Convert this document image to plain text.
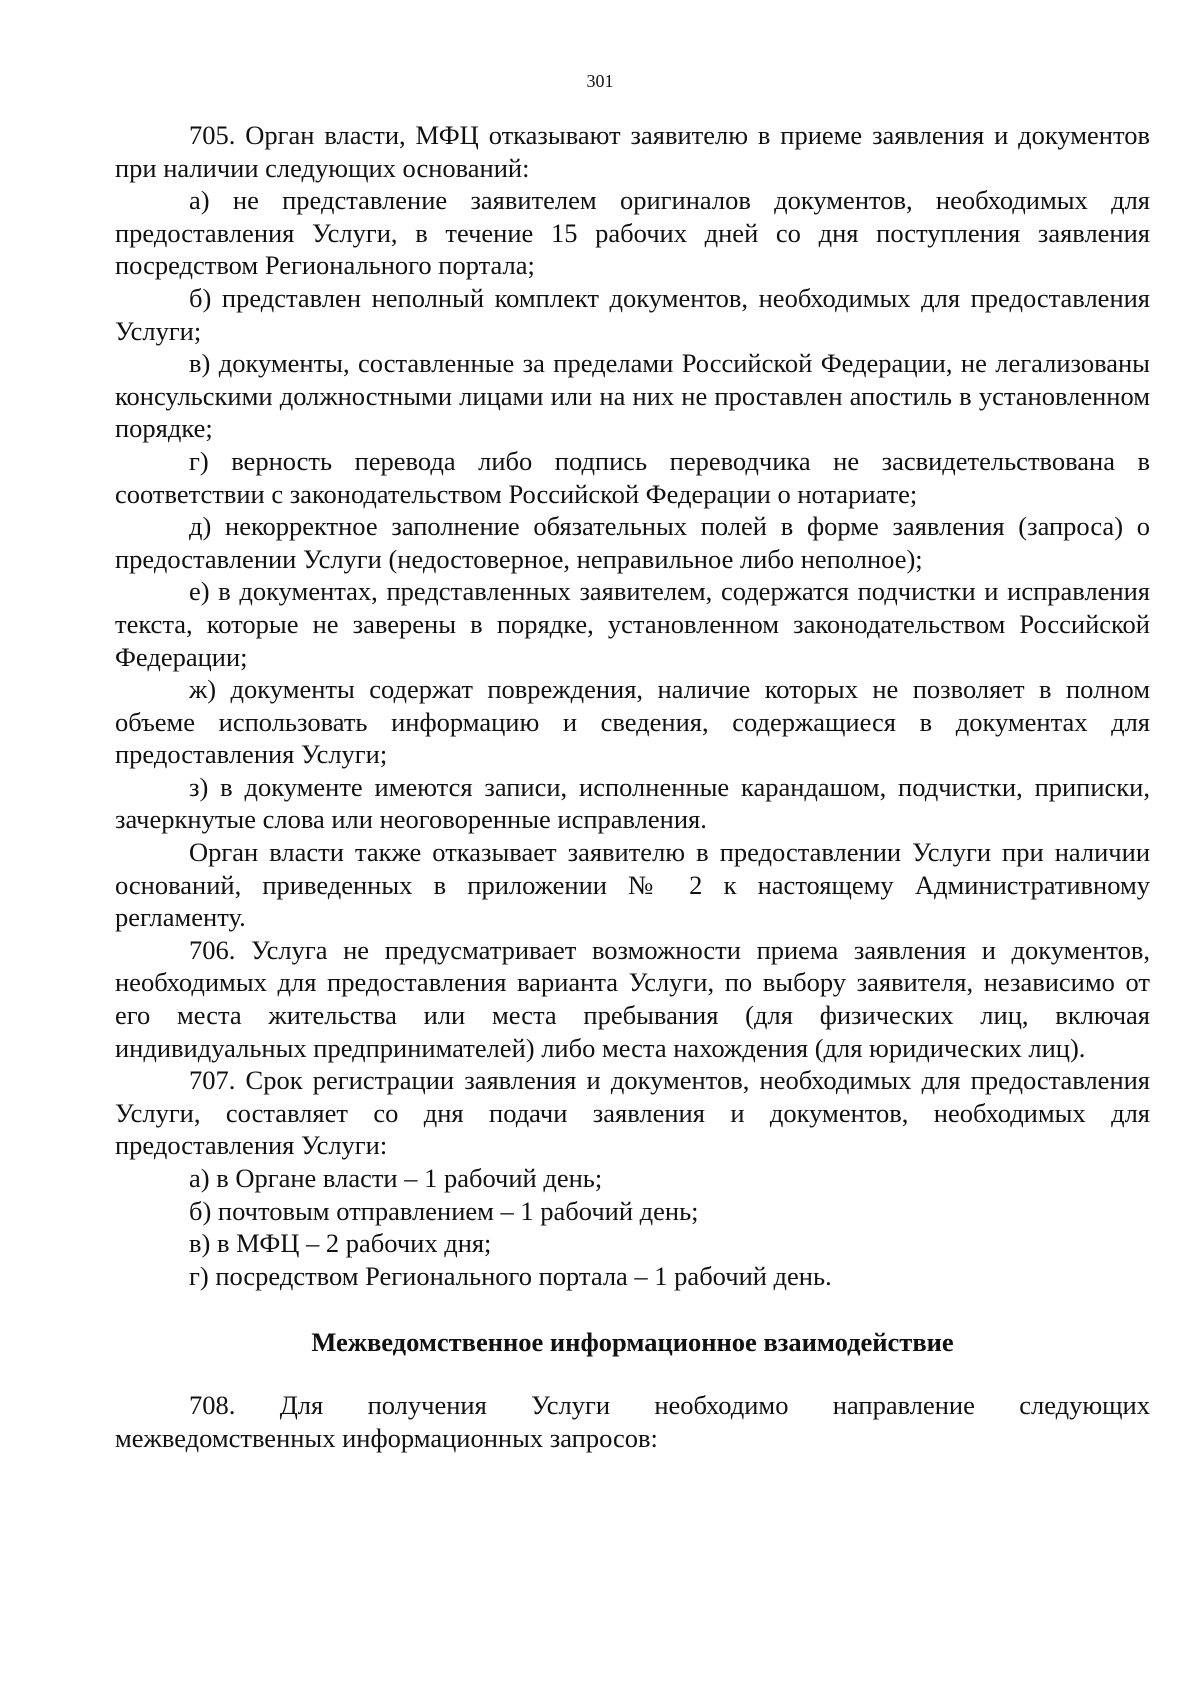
301

705. Орган власти, МФЦ отказывают заявителю в приеме заявления и документов при наличии следующих оснований:

а) не представление заявителем оригиналов документов, необходимых для предоставления Услуги, в течение 15 рабочих дней со дня поступления заявления посредством Регионального портала;

б) представлен неполный комплект документов, необходимых для предоставления Услуги;

в) документы, составленные за пределами Российской Федерации, не легализованы консульскими должностными лицами или на них не проставлен апостиль в установленном порядке;

г) верность перевода либо подпись переводчика не засвидетельствована в соответствии с законодательством Российской Федерации о нотариате;

д) некорректное заполнение обязательных полей в форме заявления (запроса) о предоставлении Услуги (недостоверное, неправильное либо неполное);

е) в документах, представленных заявителем, содержатся подчистки и исправления текста, которые не заверены в порядке, установленном законодательством Российской Федерации;

ж) документы содержат повреждения, наличие которых не позволяет в полном объеме использовать информацию и сведения, содержащиеся в документах для предоставления Услуги;

з) в документе имеются записи, исполненные карандашом, подчистки, приписки, зачеркнутые слова или неоговоренные исправления.

Орган власти также отказывает заявителю в предоставлении Услуги при наличии оснований, приведенных в приложении № 2 к настоящему Административному регламенту.

706. Услуга не предусматривает возможности приема заявления и документов, необходимых для предоставления варианта Услуги, по выбору заявителя, независимо от его места жительства или места пребывания (для физических лиц, включая индивидуальных предпринимателей) либо места нахождения (для юридических лиц).

707. Срок регистрации заявления и документов, необходимых для предоставления Услуги, составляет со дня подачи заявления и документов, необходимых для предоставления Услуги:

а) в Органе власти – 1 рабочий день;

б) почтовым отправлением – 1 рабочий день;

в) в МФЦ – 2 рабочих дня;

г) посредством Регионального портала – 1 рабочий день.

Межведомственное информационное взаимодействие

708. Для получения Услуги необходимо направление следующих межведомственных информационных запросов:
